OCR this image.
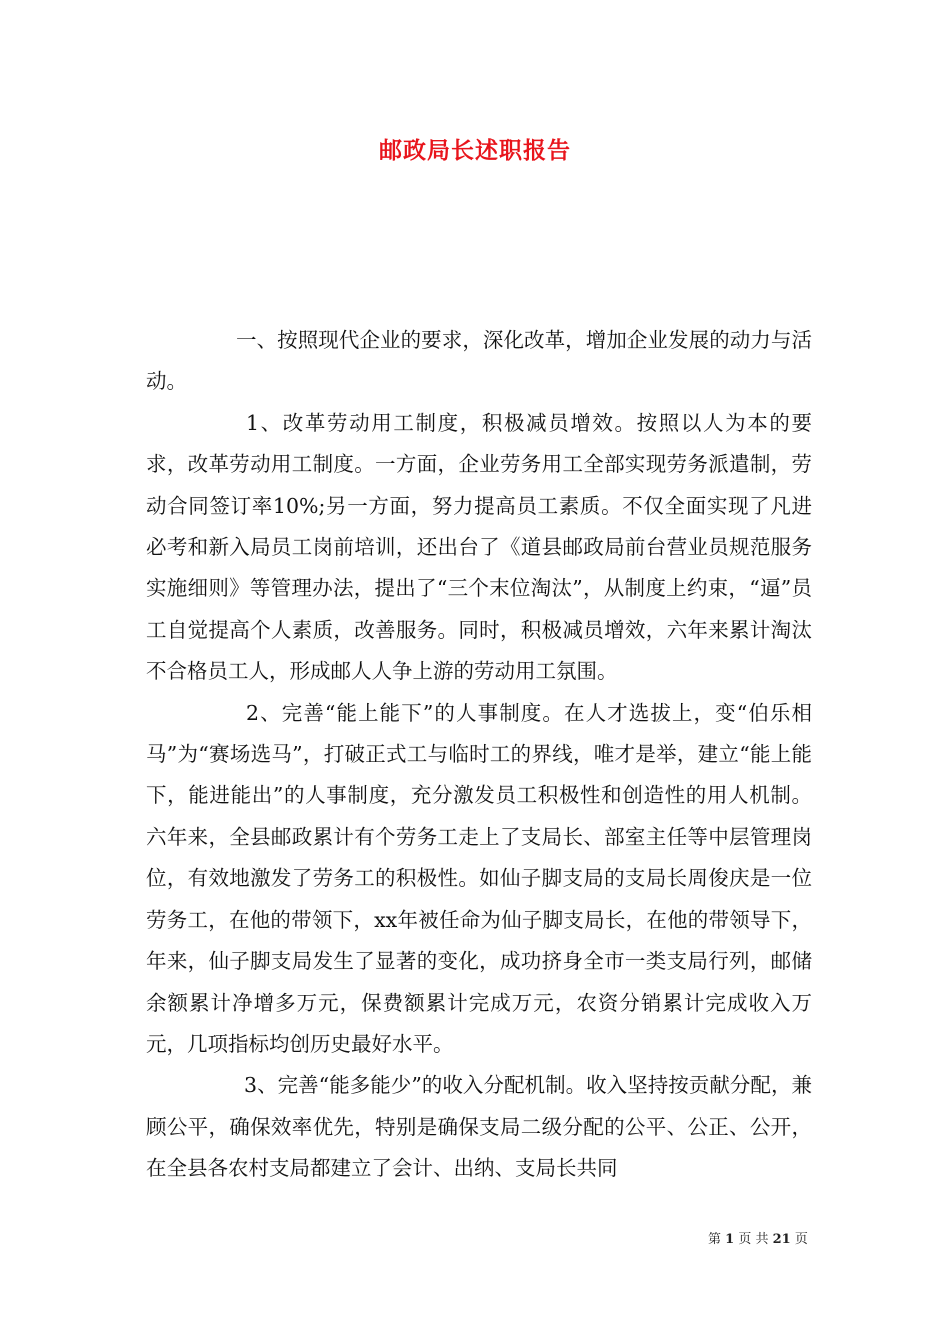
邮政局长述职报告

一、按照现代企业的要求，深化改革，增加企业发展的动力与活动。

1、改革劳动用工制度，积极减员增效。按照以人为本的要求，改革劳动用工制度。一方面，企业劳务用工全部实现劳务派遣制，劳动合同签订率10%;另一方面，努力提高员工素质。不仅全面实现了凡进必考和新入局员工岗前培训，还出台了《道县邮政局前台营业员规范服务实施细则》等管理办法，提出了“三个末位淘汰”，从制度上约束，“逼”员工自觉提高个人素质，改善服务。同时，积极减员增效，六年来累计淘汰不合格员工人，形成邮人人争上游的劳动用工氛围。

2、完善“能上能下”的人事制度。在人才选拔上，变“伯乐相马”为“赛场选马”，打破正式工与临时工的界线，唯才是举，建立“能上能下，能进能出”的人事制度，充分激发员工积极性和创造性的用人机制。六年来，全县邮政累计有个劳务工走上了支局长、部室主任等中层管理岗位，有效地激发了劳务工的积极性。如仙子脚支局的支局长周俊庆是一位劳务工，在他的带领下，xx年被任命为仙子脚支局长，在他的带领导下，年来，仙子脚支局发生了显著的变化，成功挤身全市一类支局行列，邮储余额累计净增多万元，保费额累计完成万元，农资分销累计完成收入万元，几项指标均创历史最好水平。

3、完善“能多能少”的收入分配机制。收入坚持按贡献分配，兼顾公平，确保效率优先，特别是确保支局二级分配的公平、公正、公开，在全县各农村支局都建立了会计、出纳、支局长共同

第 1 页 共 21 页
